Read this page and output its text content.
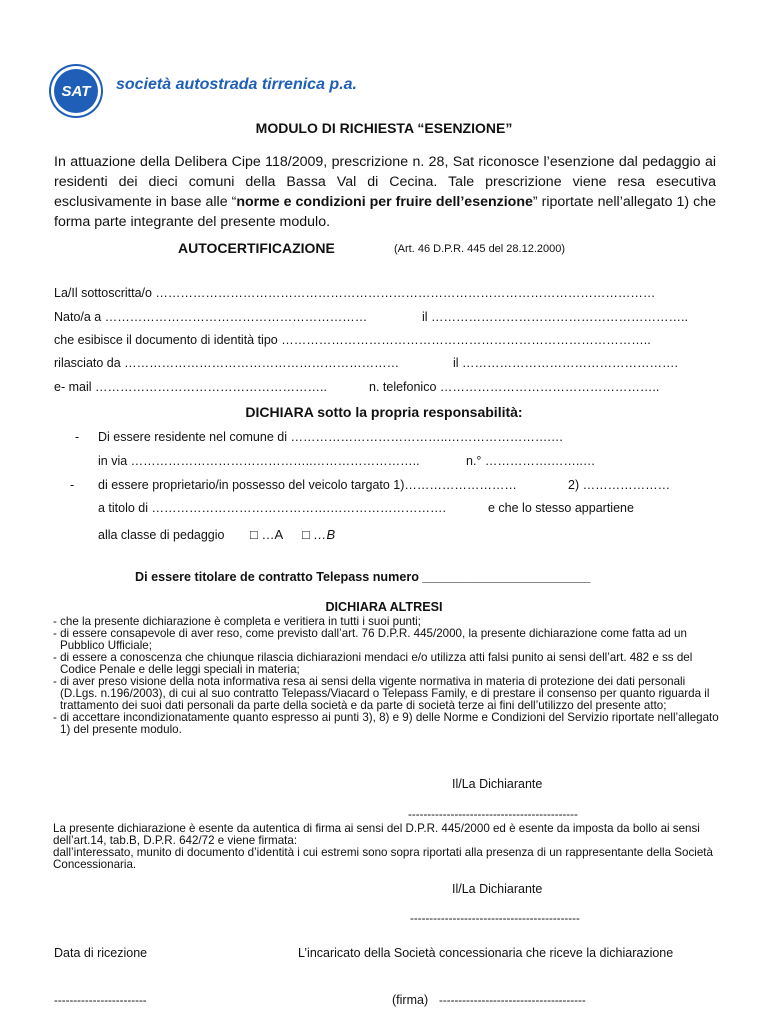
SAT	società autostrada tirrenica p.a.
MODULO DI RICHIESTA “ESENZIONE”
In attuazione della Delibera Cipe 118/2009, prescrizione n. 28, Sat riconosce l’esenzione dal pedaggio ai residenti dei dieci comuni della Bassa Val di Cecina. Tale prescrizione viene resa esecutiva esclusivamente in base alle “norme e condizioni per fruire dell’esenzione” riportate nell’allegato 1) che forma parte integrante del presente modulo.
AUTOCERTIFICAZIONE	(Art. 46 D.P.R. 445 del 28.12.2000)
La/Il sottoscritta/o …………………………………………………………………………………………………………
Nato/a a ………………………………………………………	il ……………………………………………………..
che esibisce il documento di identità tipo ……………………………………………………………………………..
rilasciato da …………………………………………………………	il …………………………………………….
e- mail ………………………………………………..	n. telefonico ……………………………………………..
DICHIARA sotto la propria responsabilità:
- Di essere residente nel comune di ………………………………..…………………….…
in via ……………………………………..……………………..	n.° …………….……..…
- di essere proprietario/in possesso del veicolo targato 1)………………………	2) …………………
a titolo di …………………………………….……………………….	e che lo stesso appartiene
alla classe di pedaggio □ …A □ …B
Di essere titolare de contratto Telepass numero ________________________
DICHIARA ALTRESI
- che la presente dichiarazione è completa e veritiera in tutti i suoi punti;
- di essere consapevole di aver reso, come previsto dall’art. 76 D.P.R. 445/2000, la presente dichiarazione come fatta ad un Pubblico Ufficiale;
- di essere a conoscenza che chiunque rilascia dichiarazioni mendaci e/o utilizza atti falsi punito ai sensi dell’art. 482 e ss del Codice Penale e delle leggi speciali in materia;
- di aver preso visione della nota informativa resa ai sensi della vigente normativa in materia di protezione dei dati personali (D.Lgs. n.196/2003), di cui al suo contratto Telepass/Viacard o Telepass Family, e di prestare il consenso per quanto riguarda il trattamento dei suoi dati personali da parte della società e da parte di società terze ai fini dell’utilizzo del presente atto;
- di accettare incondizionatamente quanto espresso ai punti 3), 8) e 9) delle Norme e Condizioni del Servizio riportate nell’allegato 1) del presente modulo.
Il/La Dichiarante
--------------------------------------------
La presente dichiarazione è esente da autentica di firma ai sensi del D.P.R. 445/2000 ed è esente da imposta da bollo ai sensi dell’art.14, tab.B, D.P.R. 642/72 e viene firmata:
dall’interessato, munito di documento d’identità i cui estremi sono sopra riportati alla presenza di un rappresentante della Società Concessionaria.
Il/La Dichiarante
--------------------------------------------
Data di ricezione	L’incaricato della Società concessionaria che riceve la dichiarazione
------------------------	(firma) --------------------------------------
